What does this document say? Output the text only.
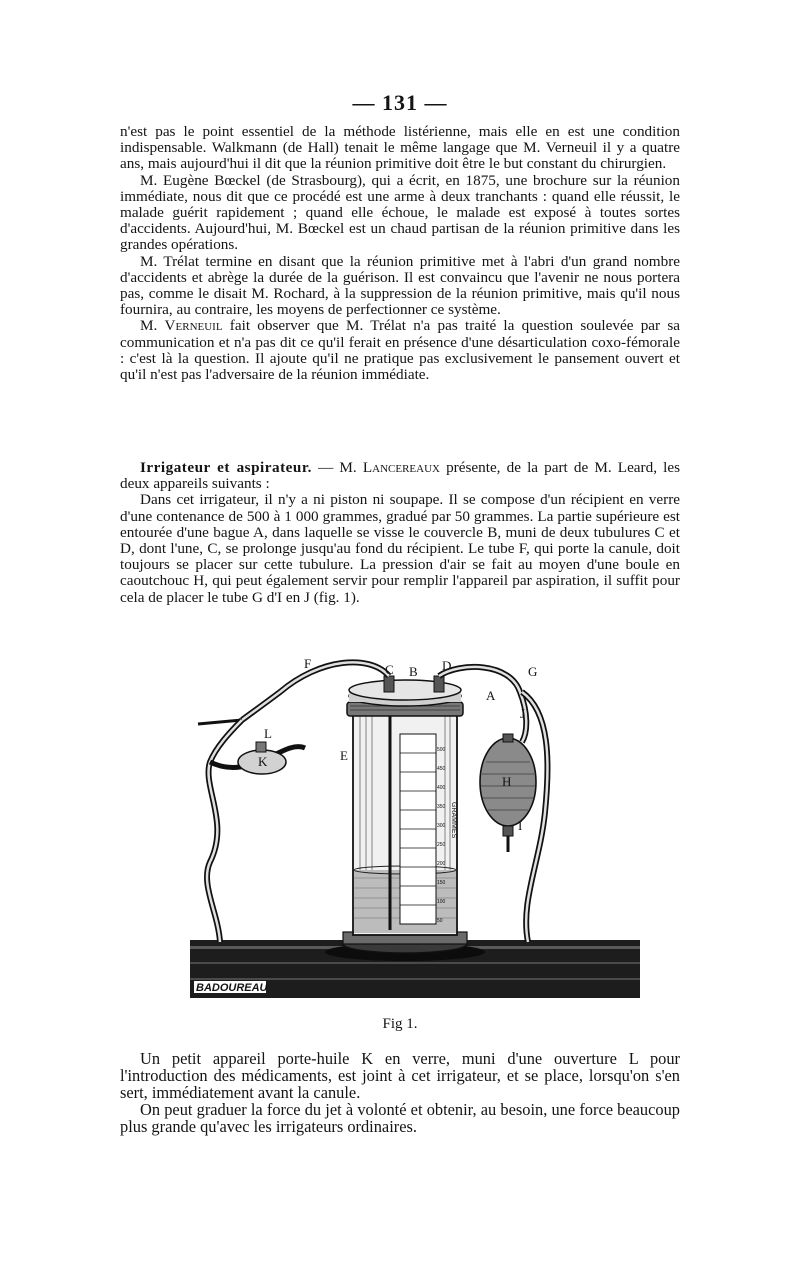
— 131 —

n'est pas le point essentiel de la méthode listérienne, mais elle en est une condition indispensable. Walkmann (de Hall) tenait le même langage que M. Verneuil il y a quatre ans, mais aujourd'hui il dit que la réunion primitive doit être le but constant du chirurgien.

M. Eugène Bœckel (de Strasbourg), qui a écrit, en 1875, une brochure sur la réunion immédiate, nous dit que ce procédé est une arme à deux tranchants : quand elle réussit, le malade guérit rapidement ; quand elle échoue, le malade est exposé à toutes sortes d'accidents. Aujourd'hui, M. Bœckel est un chaud partisan de la réunion primitive dans les grandes opérations.

M. Trélat termine en disant que la réunion primitive met à l'abri d'un grand nombre d'accidents et abrège la durée de la guérison. Il est convaincu que l'avenir ne nous portera pas, comme le disait M. Rochard, à la suppression de la réunion primitive, mais qu'il nous fournira, au contraire, les moyens de perfectionner ce système.

M. Verneuil fait observer que M. Trélat n'a pas traité la question soulevée par sa communication et n'a pas dit ce qu'il ferait en présence d'une désarticulation coxo-fémorale : c'est là la question. Il ajoute qu'il ne pratique pas exclusivement le pansement ouvert et qu'il n'est pas l'adversaire de la réunion immédiate.

Irrigateur et aspirateur. — M. Lancereaux présente, de la part de M. Leard, les deux appareils suivants :

Dans cet irrigateur, il n'y a ni piston ni soupape. Il se compose d'un récipient en verre d'une contenance de 500 à 1 000 grammes, gradué par 50 grammes. La partie supérieure est entourée d'une bague A, dans laquelle se visse le couvercle B, muni de deux tubulures C et D, dont l'une, C, se prolonge jusqu'au fond du récipient. Le tube F, qui porte la canule, doit toujours se placer sur cette tubulure. La pression d'air se fait au moyen d'une boule en caoutchouc H, qui peut également servir pour remplir l'appareil par aspiration, il suffit pour cela de placer le tube G d'I en J (fig. 1).

500
450
400
350
300
250
200
150
100
50
GRAMMES
F	C B D	G
A
L
K	E
H
I
J
BADOUREAU
Fig 1.

Un petit appareil porte-huile K en verre, muni d'une ouverture L pour l'introduction des médicaments, est joint à cet irrigateur, et se place, lorsqu'on s'en sert, immédiatement avant la canule.

On peut graduer la force du jet à volonté et obtenir, au besoin, une force beaucoup plus grande qu'avec les irrigateurs ordinaires.
